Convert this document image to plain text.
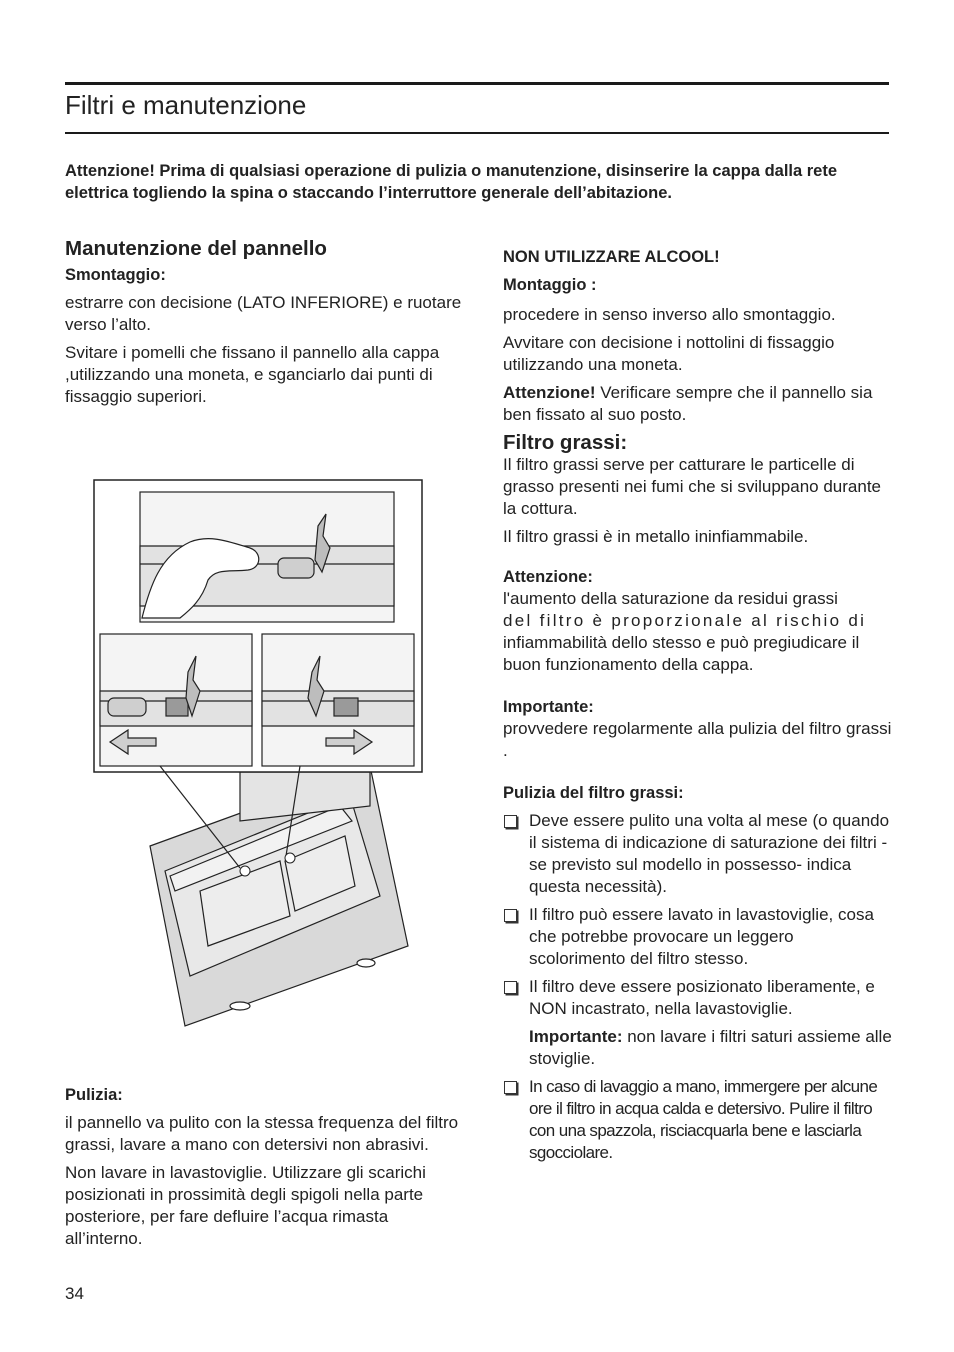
Filtri e manutenzione
Attenzione! Prima di qualsiasi operazione di pulizia o manutenzione, disinserire la cappa dalla rete elettrica togliendo la spina o staccando l’interruttore generale dell’abitazione.
Manutenzione del pannello
Smontaggio:

estrarre con decisione (LATO INFERIORE) e ruotare verso l’alto.

Svitare i pomelli che fissano il pannello alla cappa ,utilizzando una moneta, e sganciarlo dai punti di fissaggio superiori.

Pulizia:

il pannello va pulito con la stessa frequenza del filtro grassi, lavare a mano con detersivi non abrasivi.

Non lavare in lavastoviglie. Utilizzare gli scarichi posizionati in prossimità degli spigoli nella parte posteriore, per fare defluire l’acqua rimasta all’interno.

NON UTILIZZARE ALCOOL!
Montaggio :

procedere in senso inverso allo smontaggio.

Avvitare con decisione i nottolini di fissaggio utilizzando una moneta.

Attenzione! Verificare sempre che il pannello sia ben fissato al suo posto.

Filtro grassi:

Il filtro grassi serve per catturare le particelle di grasso presenti nei fumi che si sviluppano durante la cottura.

Il filtro grassi è in metallo ininfiammabile.

Attenzione:
l'aumento della saturazione da residui grassi
del filtro è proporzionale al rischio di

infiammabilità dello stesso e può pregiudicare il buon funzionamento della cappa.

Importante:

provvedere regolarmente alla pulizia del filtro grassi .

Pulizia del filtro grassi:
Deve essere pulito una volta al mese (o quando il sistema di indicazione di saturazione dei filtri - se previsto sul modello in possesso- indica questa necessità).
Il filtro può essere lavato in lavastoviglie, cosa che potrebbe provocare un leggero scolorimento del filtro stesso.
Il filtro deve essere posizionato liberamente, e NON incastrato, nella lavastoviglie.
Importante: non lavare i filtri saturi assieme alle stoviglie.
In caso di lavaggio a mano, immergere per alcune ore il filtro in acqua calda e detersivo. Pulire il filtro con una spazzola, risciacquarla bene e lasciarla sgocciolare.
34
